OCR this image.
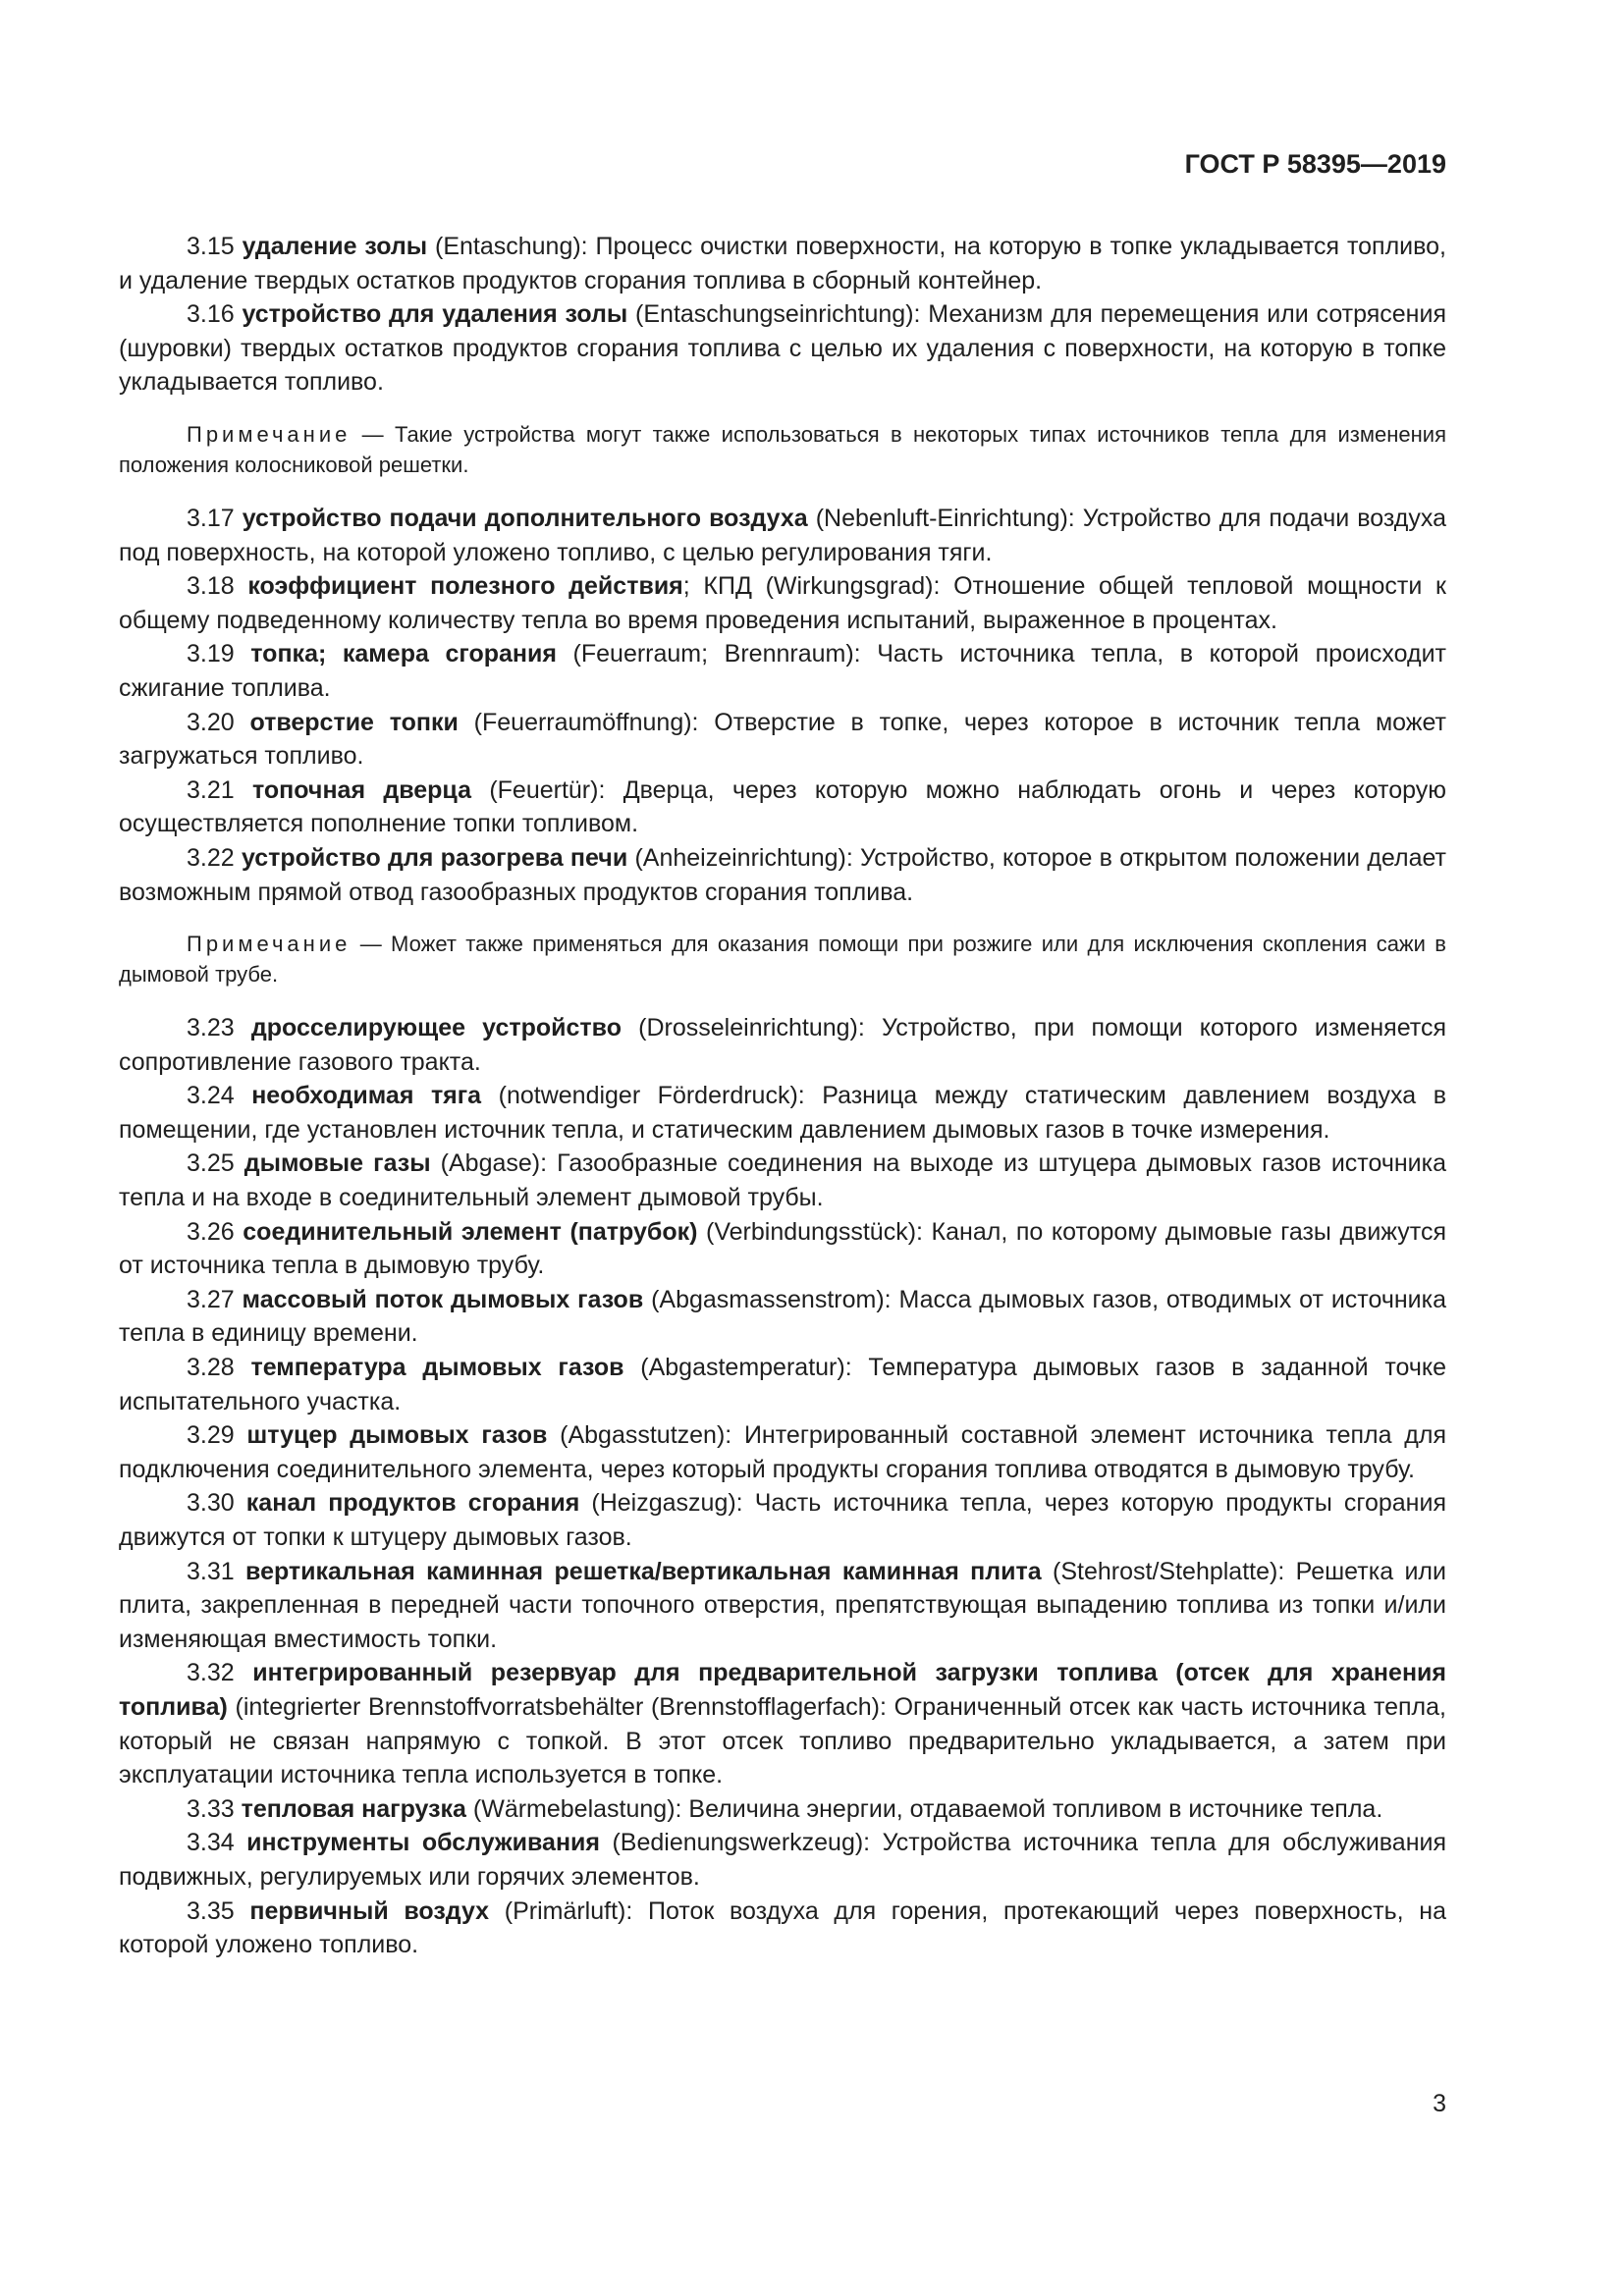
ГОСТ Р 58395—2019

3.15 удаление золы (Entaschung): Процесс очистки поверхности, на которую в топке укладывается топливо, и удаление твердых остатков продуктов сгорания топлива в сборный контейнер.

3.16 устройство для удаления золы (Entaschungseinrichtung): Механизм для перемещения или сотрясения (шуровки) твердых остатков продуктов сгорания топлива с целью их удаления с поверхности, на которую в топке укладывается топливо.

Примечание — Такие устройства могут также использоваться в некоторых типах источников тепла для изменения положения колосниковой решетки.

3.17 устройство подачи дополнительного воздуха (Nebenluft-Einrichtung): Устройство для подачи воздуха под поверхность, на которой уложено топливо, с целью регулирования тяги.

3.18 коэффициент полезного действия; КПД (Wirkungsgrad): Отношение общей тепловой мощности к общему подведенному количеству тепла во время проведения испытаний, выраженное в процентах.

3.19 топка; камера сгорания (Feuerraum; Brennraum): Часть источника тепла, в которой происходит сжигание топлива.

3.20 отверстие топки (Feuerraumöffnung): Отверстие в топке, через которое в источник тепла может загружаться топливо.

3.21 топочная дверца (Feuertür): Дверца, через которую можно наблюдать огонь и через которую осуществляется пополнение топки топливом.

3.22 устройство для разогрева печи (Anheizeinrichtung): Устройство, которое в открытом положении делает возможным прямой отвод газообразных продуктов сгорания топлива.

Примечание — Может также применяться для оказания помощи при розжиге или для исключения скопления сажи в дымовой трубе.

3.23 дросселирующее устройство (Drosseleinrichtung): Устройство, при помощи которого изменяется сопротивление газового тракта.

3.24 необходимая тяга (notwendiger Förderdruck): Разница между статическим давлением воздуха в помещении, где установлен источник тепла, и статическим давлением дымовых газов в точке измерения.

3.25 дымовые газы (Abgase): Газообразные соединения на выходе из штуцера дымовых газов источника тепла и на входе в соединительный элемент дымовой трубы.

3.26 соединительный элемент (патрубок) (Verbindungsstück): Канал, по которому дымовые газы движутся от источника тепла в дымовую трубу.

3.27 массовый поток дымовых газов (Abgasmassenstrom): Масса дымовых газов, отводимых от источника тепла в единицу времени.

3.28 температура дымовых газов (Abgastemperatur): Температура дымовых газов в заданной точке испытательного участка.

3.29 штуцер дымовых газов (Abgasstutzen): Интегрированный составной элемент источника тепла для подключения соединительного элемента, через который продукты сгорания топлива отводятся в дымовую трубу.

3.30 канал продуктов сгорания (Heizgaszug): Часть источника тепла, через которую продукты сгорания движутся от топки к штуцеру дымовых газов.

3.31 вертикальная каминная решетка/вертикальная каминная плита (Stehrost/Stehplatte): Решетка или плита, закрепленная в передней части топочного отверстия, препятствующая выпадению топлива из топки и/или изменяющая вместимость топки.

3.32 интегрированный резервуар для предварительной загрузки топлива (отсек для хранения топлива) (integrierter Brennstoffvorratsbehälter (Brennstofflagerfach): Ограниченный отсек как часть источника тепла, который не связан напрямую с топкой. В этот отсек топливо предварительно укладывается, а затем при эксплуатации источника тепла используется в топке.

3.33 тепловая нагрузка (Wärmebelastung): Величина энергии, отдаваемой топливом в источнике тепла.

3.34 инструменты обслуживания (Bedienungswerkzeug): Устройства источника тепла для обслуживания подвижных, регулируемых или горячих элементов.

3.35 первичный воздух (Primärluft): Поток воздуха для горения, протекающий через поверхность, на которой уложено топливо.

3
